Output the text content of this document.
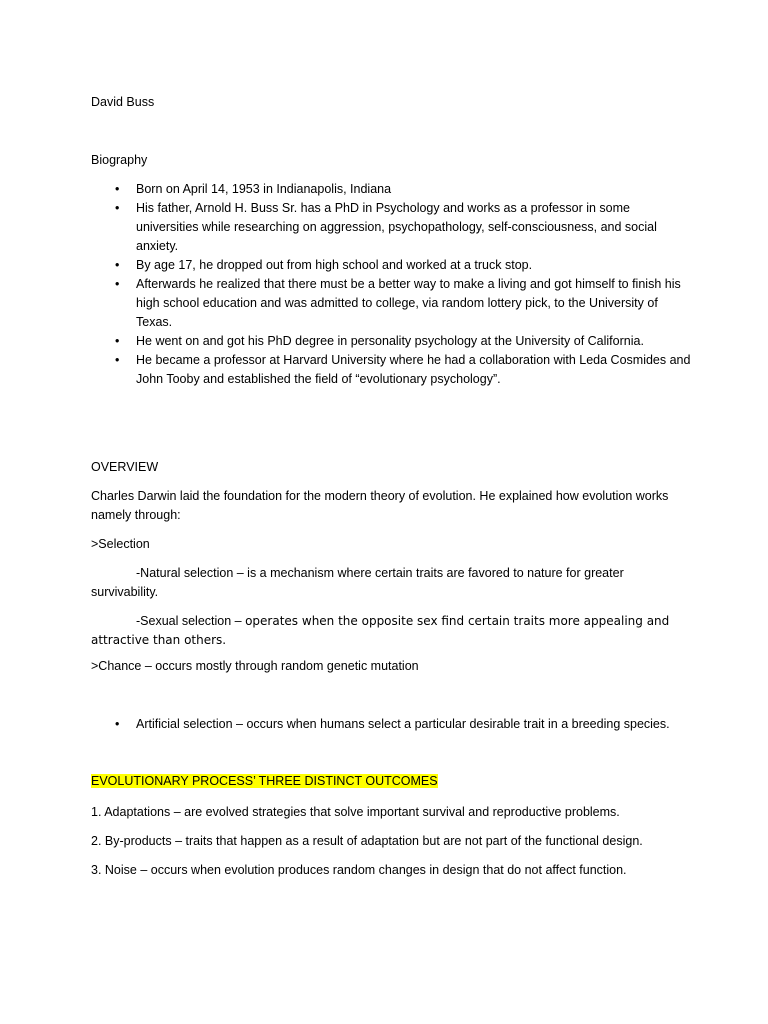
David Buss
Biography
• Born on April 14, 1953 in Indianapolis, Indiana
• His father, Arnold H. Buss Sr. has a PhD in Psychology and works as a professor in some universities while researching on aggression, psychopathology, self-consciousness, and social anxiety.
• By age 17, he dropped out from high school and worked at a truck stop.
• Afterwards he realized that there must be a better way to make a living and got himself to finish his high school education and was admitted to college, via random lottery pick, to the University of Texas.
• He went on and got his PhD degree in personality psychology at the University of California.
• He became a professor at Harvard University where he had a collaboration with Leda Cosmides and John Tooby and established the field of “evolutionary psychology”.
OVERVIEW

Charles Darwin laid the foundation for the modern theory of evolution. He explained how evolution works namely through:

>Selection

-Natural selection – is a mechanism where certain traits are favored to nature for greater survivability.

-Sexual selection – operates when the opposite sex find certain traits more appealing and attractive than others.

>Chance – occurs mostly through random genetic mutation

• Artificial selection – occurs when humans select a particular desirable trait in a breeding species.

EVOLUTIONARY PROCESS’ THREE DISTINCT OUTCOMES

1. Adaptations – are evolved strategies that solve important survival and reproductive problems.

2. By-products – traits that happen as a result of adaptation but are not part of the functional design.

3. Noise – occurs when evolution produces random changes in design that do not affect function.
